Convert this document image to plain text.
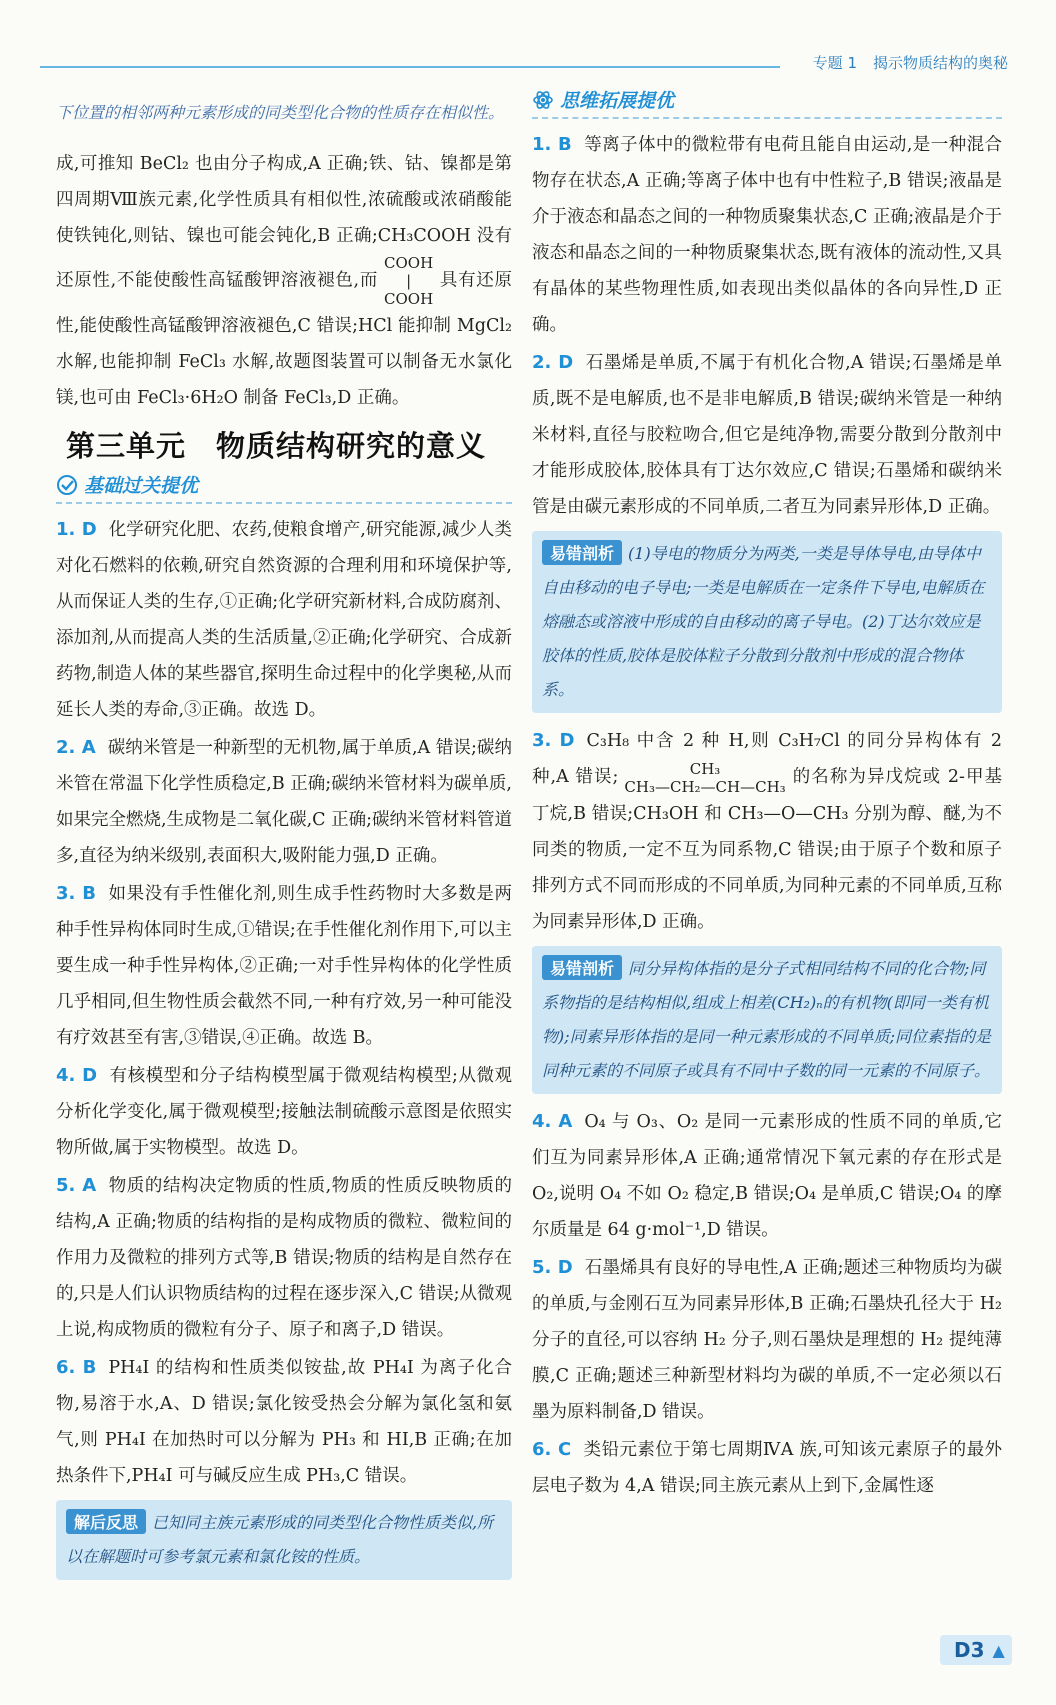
专题 1 揭示物质结构的奥秘

下位置的相邻两种元素形成的同类型化合物的性质存在相似性。

成,可推知 BeCl₂ 也由分子构成,A 正确;铁、钴、镍都是第四周期Ⅷ族元素,化学性质具有相似性,浓硫酸或浓硝酸能使铁钝化,则钴、镍也可能会钝化,B 正确;CH₃COOH 没有还原性,不能使酸性高锰酸钾溶液褪色,而COOH
|
COOH具有还原性,能使酸性高锰酸钾溶液褪色,C 错误;HCl 能抑制 MgCl₂ 水解,也能抑制 FeCl₃ 水解,故题图装置可以制备无水氯化镁,也可由 FeCl₃·6H₂O 制备 FeCl₃,D 正确。

第三单元　物质结构研究的意义
基础过关提优

1. D 化学研究化肥、农药,使粮食增产,研究能源,减少人类对化石燃料的依赖,研究自然资源的合理利用和环境保护等,从而保证人类的生存,①正确;化学研究新材料,合成防腐剂、添加剂,从而提高人类的生活质量,②正确;化学研究、合成新药物,制造人体的某些器官,探明生命过程中的化学奥秘,从而延长人类的寿命,③正确。故选 D。

2. A 碳纳米管是一种新型的无机物,属于单质,A 错误;碳纳米管在常温下化学性质稳定,B 正确;碳纳米管材料为碳单质,如果完全燃烧,生成物是二氧化碳,C 正确;碳纳米管材料管道多,直径为纳米级别,表面积大,吸附能力强,D 正确。

3. B 如果没有手性催化剂,则生成手性药物时大多数是两种手性异构体同时生成,①错误;在手性催化剂作用下,可以主要生成一种手性异构体,②正确;一对手性异构体的化学性质几乎相同,但生物性质会截然不同,一种有疗效,另一种可能没有疗效甚至有害,③错误,④正确。故选 B。

4. D 有核模型和分子结构模型属于微观结构模型;从微观分析化学变化,属于微观模型;接触法制硫酸示意图是依照实物所做,属于实物模型。故选 D。

5. A 物质的结构决定物质的性质,物质的性质反映物质的结构,A 正确;物质的结构指的是构成物质的微粒、微粒间的作用力及微粒的排列方式等,B 错误;物质的结构是自然存在的,只是人们认识物质结构的过程在逐步深入,C 错误;从微观上说,构成物质的微粒有分子、原子和离子,D 错误。

6. B PH₄I 的结构和性质类似铵盐,故 PH₄I 为离子化合物,易溶于水,A、D 错误;氯化铵受热会分解为氯化氢和氨气,则 PH₄I 在加热时可以分解为 PH₃ 和 HI,B 正确;在加热条件下,PH₄I 可与碱反应生成 PH₃,C 错误。

解后反思 已知同主族元素形成的同类型化合物性质类似,所以在解题时可参考氯元素和氯化铵的性质。
思维拓展提优

1. B 等离子体中的微粒带有电荷且能自由运动,是一种混合物存在状态,A 正确;等离子体中也有中性粒子,B 错误;液晶是介于液态和晶态之间的一种物质聚集状态,C 正确;液晶是介于液态和晶态之间的一种物质聚集状态,既有液体的流动性,又具有晶体的某些物理性质,如表现出类似晶体的各向异性,D 正确。

2. D 石墨烯是单质,不属于有机化合物,A 错误;石墨烯是单质,既不是电解质,也不是非电解质,B 错误;碳纳米管是一种纳米材料,直径与胶粒吻合,但它是纯净物,需要分散到分散剂中才能形成胶体,胶体具有丁达尔效应,C 错误;石墨烯和碳纳米管是由碳元素形成的不同单质,二者互为同素异形体,D 正确。

易错剖析 (1)导电的物质分为两类,一类是导体导电,由导体中自由移动的电子导电;一类是电解质在一定条件下导电,电解质在熔融态或溶液中形成的自由移动的离子导电。(2)丁达尔效应是胶体的性质,胶体是胶体粒子分散到分散剂中形成的混合物体系。

3. D C₃H₈ 中含 2 种 H,则 C₃H₇Cl 的同分异构体有 2 种,A 错误;	CH₃
CH₃—CH₂—CH—CH₃ 的名称为异戊烷或 2-甲基丁烷,B 错误;CH₃OH 和 CH₃—O—CH₃ 分别为醇、醚,为不同类的物质,一定不互为同系物,C 错误;由于原子个数和原子排列方式不同而形成的不同单质,为同种元素的不同单质,互称为同素异形体,D 正确。

易错剖析 同分异构体指的是分子式相同结构不同的化合物;同系物指的是结构相似,组成上相差(CH₂)ₙ的有机物(即同一类有机物);同素异形体指的是同一种元素形成的不同单质;同位素指的是同种元素的不同原子或具有不同中子数的同一元素的不同原子。

4. A O₄ 与 O₃、O₂ 是同一元素形成的性质不同的单质,它们互为同素异形体,A 正确;通常情况下氧元素的存在形式是 O₂,说明 O₄ 不如 O₂ 稳定,B 错误;O₄ 是单质,C 错误;O₄ 的摩尔质量是 64 g·mol⁻¹,D 错误。

5. D 石墨烯具有良好的导电性,A 正确;题述三种物质均为碳的单质,与金刚石互为同素异形体,B 正确;石墨炔孔径大于 H₂ 分子的直径,可以容纳 H₂ 分子,则石墨炔是理想的 H₂ 提纯薄膜,C 正确;题述三种新型材料均为碳的单质,不一定必须以石墨为原料制备,D 错误。

6. C 类铅元素位于第七周期ⅣA 族,可知该元素原子的最外层电子数为 4,A 错误;同主族元素从上到下,金属性逐

D3 ▲
